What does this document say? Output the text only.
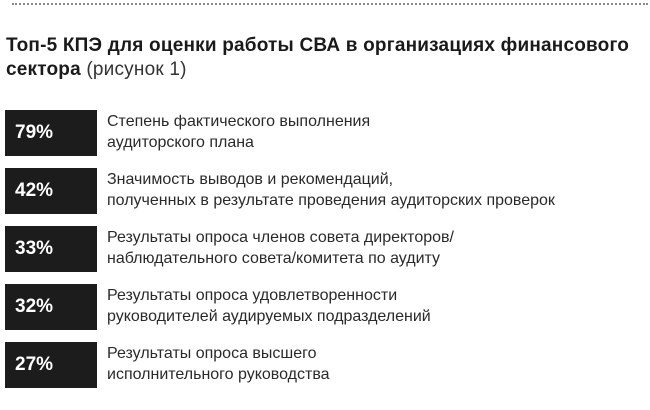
Топ-5 КПЭ для оценки работы СВА в организациях финансового сектора (рисунок 1)
79%
Степень фактического выполнения
аудиторского плана
42%
Значимость выводов и рекомендаций,
полученных в результате проведения аудиторских проверок
33%
Результаты опроса членов совета директоров/
наблюдательного совета/комитета по аудиту
32%
Результаты опроса удовлетворенности
руководителей аудируемых подразделений
27%
Результаты опроса высшего
исполнительного руководства
